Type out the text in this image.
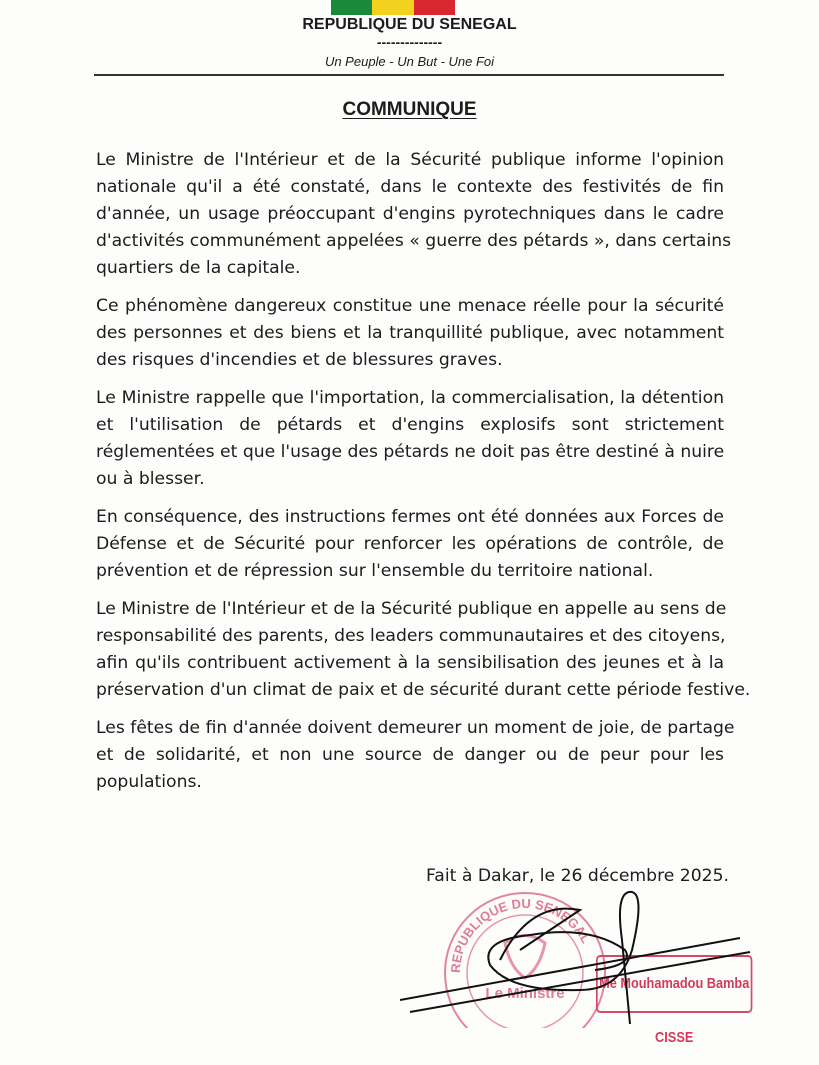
REPUBLIQUE DU SENEGAL
--------------
Un Peuple - Un But - Une Foi
COMMUNIQUE
Le Ministre de l'Intérieur et de la Sécurité publique informe l'opinion
nationale qu'il a été constaté, dans le contexte des festivités de fin
d'année, un usage préoccupant d'engins pyrotechniques dans le cadre
d'activités communément appelées « guerre des pétards », dans certains
quartiers de la capitale.
Ce phénomène dangereux constitue une menace réelle pour la sécurité
des personnes et des biens et la tranquillité publique, avec notamment
des risques d'incendies et de blessures graves.
Le Ministre rappelle que l'importation, la commercialisation, la détention
et l'utilisation de pétards et d'engins explosifs sont strictement
réglementées et que l'usage des pétards ne doit pas être destiné à nuire
ou à blesser.
En conséquence, des instructions fermes ont été données aux Forces de
Défense et de Sécurité pour renforcer les opérations de contrôle, de
prévention et de répression sur l'ensemble du territoire national.
Le Ministre de l'Intérieur et de la Sécurité publique en appelle au sens de
responsabilité des parents, des leaders communautaires et des citoyens,
afin qu'ils contribuent activement à la sensibilisation des jeunes et à la
préservation d'un climat de paix et de sécurité durant cette période festive.
Les fêtes de fin d'année doivent demeurer un moment de joie, de partage
et de solidarité, et non une source de danger ou de peur pour les
populations.
Fait à Dakar, le 26 décembre 2025.
REPUBLIQUE DU SENEGAL
Le Ministre
Me Mouhamadou Bamba CISSE
